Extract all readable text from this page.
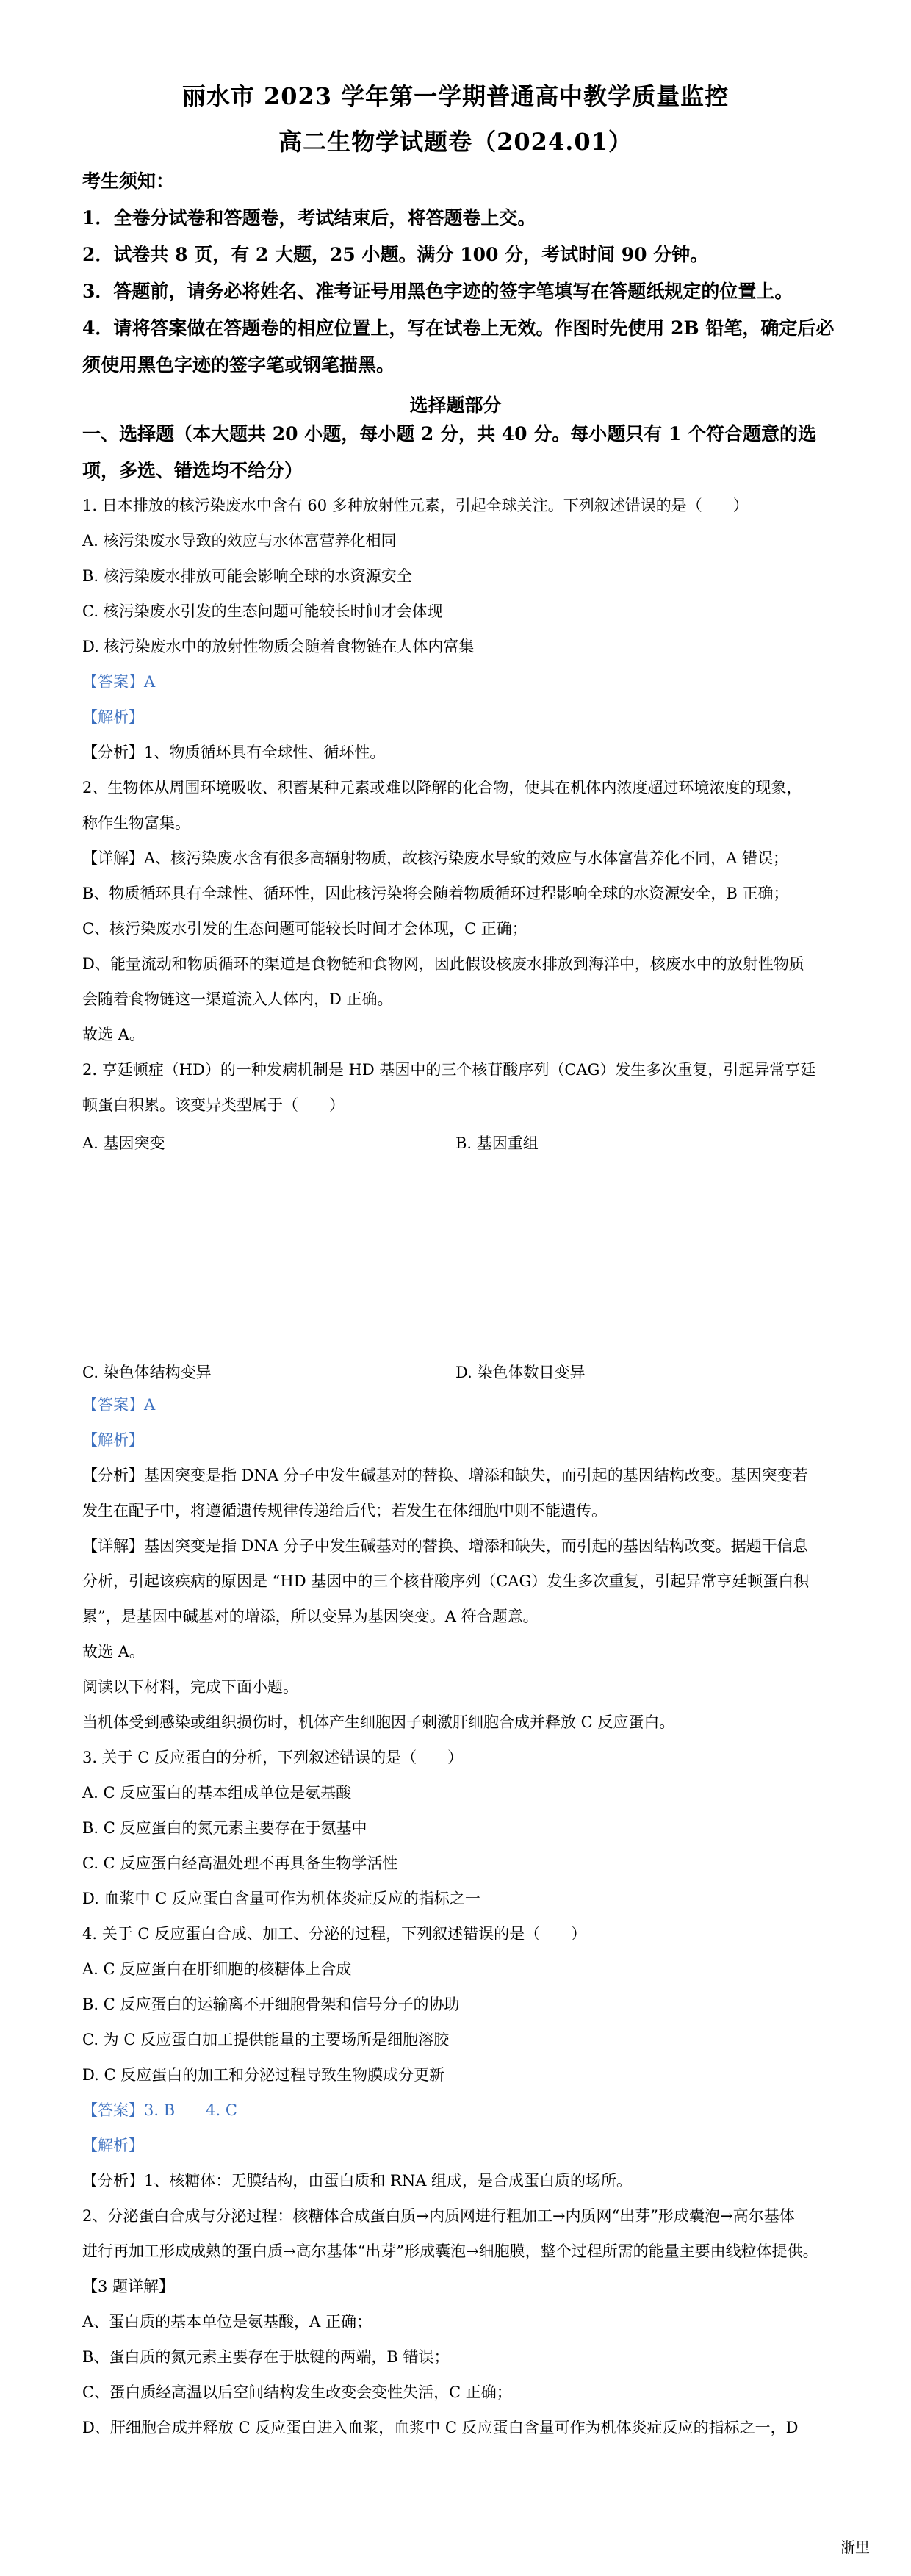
丽水市 2023 学年第一学期普通高中教学质量监控
高二生物学试题卷（2024.01）
考生须知：
1．全卷分试卷和答题卷，考试结束后，将答题卷上交。
2．试卷共 8 页，有 2 大题，25 小题。满分 100 分，考试时间 90 分钟。
3．答题前，请务必将姓名、准考证号用黑色字迹的签字笔填写在答题纸规定的位置上。
4．请将答案做在答题卷的相应位置上，写在试卷上无效。作图时先使用 2B 铅笔，确定后必须使用黑色字迹的签字笔或钢笔描黑。
选择题部分
一、选择题（本大题共 20 小题，每小题 2 分，共 40 分。每小题只有 1 个符合题意的选项，多选、错选均不给分）
1. 日本排放的核污染废水中含有 60 多种放射性元素，引起全球关注。下列叙述错误的是（　　）
A. 核污染废水导致的效应与水体富营养化相同
B. 核污染废水排放可能会影响全球的水资源安全
C. 核污染废水引发的生态问题可能较长时间才会体现
D. 核污染废水中的放射性物质会随着食物链在人体内富集
【答案】A
【解析】
【分析】1、物质循环具有全球性、循环性。
2、生物体从周围环境吸收、积蓄某种元素或难以降解的化合物，使其在机体内浓度超过环境浓度的现象，
称作生物富集。
【详解】A、核污染废水含有很多高辐射物质，故核污染废水导致的效应与水体富营养化不同，A 错误；
B、物质循环具有全球性、循环性，因此核污染将会随着物质循环过程影响全球的水资源安全，B 正确；
C、核污染废水引发的生态问题可能较长时间才会体现，C 正确；
D、能量流动和物质循环的渠道是食物链和食物网，因此假设核废水排放到海洋中，核废水中的放射性物质
会随着食物链这一渠道流入人体内，D 正确。
故选 A。
2. 亨廷顿症（HD）的一种发病机制是 HD 基因中的三个核苷酸序列（CAG）发生多次重复，引起异常亨廷
顿蛋白积累。该变异类型属于（　　）
A. 基因突变	B. 基因重组
C. 染色体结构变异	D. 染色体数目变异
【答案】A
【解析】
【分析】基因突变是指 DNA 分子中发生碱基对的替换、增添和缺失，而引起的基因结构改变。基因突变若
发生在配子中，将遵循遗传规律传递给后代；若发生在体细胞中则不能遗传。
【详解】基因突变是指 DNA 分子中发生碱基对的替换、增添和缺失，而引起的基因结构改变。据题干信息
分析，引起该疾病的原因是 “HD 基因中的三个核苷酸序列（CAG）发生多次重复，引起异常亨廷顿蛋白积
累”，是基因中碱基对的增添，所以变异为基因突变。A 符合题意。
故选 A。
阅读以下材料，完成下面小题。
当机体受到感染或组织损伤时，机体产生细胞因子刺激肝细胞合成并释放 C 反应蛋白。
3. 关于 C 反应蛋白的分析，下列叙述错误的是（　　）
A. C 反应蛋白的基本组成单位是氨基酸
B. C 反应蛋白的氮元素主要存在于氨基中
C. C 反应蛋白经高温处理不再具备生物学活性
D. 血浆中 C 反应蛋白含量可作为机体炎症反应的指标之一
4. 关于 C 反应蛋白合成、加工、分泌的过程，下列叙述错误的是（　　）
A. C 反应蛋白在肝细胞的核糖体上合成
B. C 反应蛋白的运输离不开细胞骨架和信号分子的协助
C. 为 C 反应蛋白加工提供能量的主要场所是细胞溶胶
D. C 反应蛋白的加工和分泌过程导致生物膜成分更新
【答案】3. B　　4. C
【解析】
【分析】1、核糖体：无膜结构，由蛋白质和 RNA 组成，是合成蛋白质的场所。
2、分泌蛋白合成与分泌过程：核糖体合成蛋白质→内质网进行粗加工→内质网“出芽”形成囊泡→高尔基体
进行再加工形成成熟的蛋白质→高尔基体“出芽”形成囊泡→细胞膜，整个过程所需的能量主要由线粒体提供。
【3 题详解】
A、蛋白质的基本单位是氨基酸，A 正确；
B、蛋白质的氮元素主要存在于肽键的两端，B 错误；
C、蛋白质经高温以后空间结构发生改变会变性失活，C 正确；
D、肝细胞合成并释放 C 反应蛋白进入血浆，血浆中 C 反应蛋白含量可作为机体炎症反应的指标之一，D
浙里
